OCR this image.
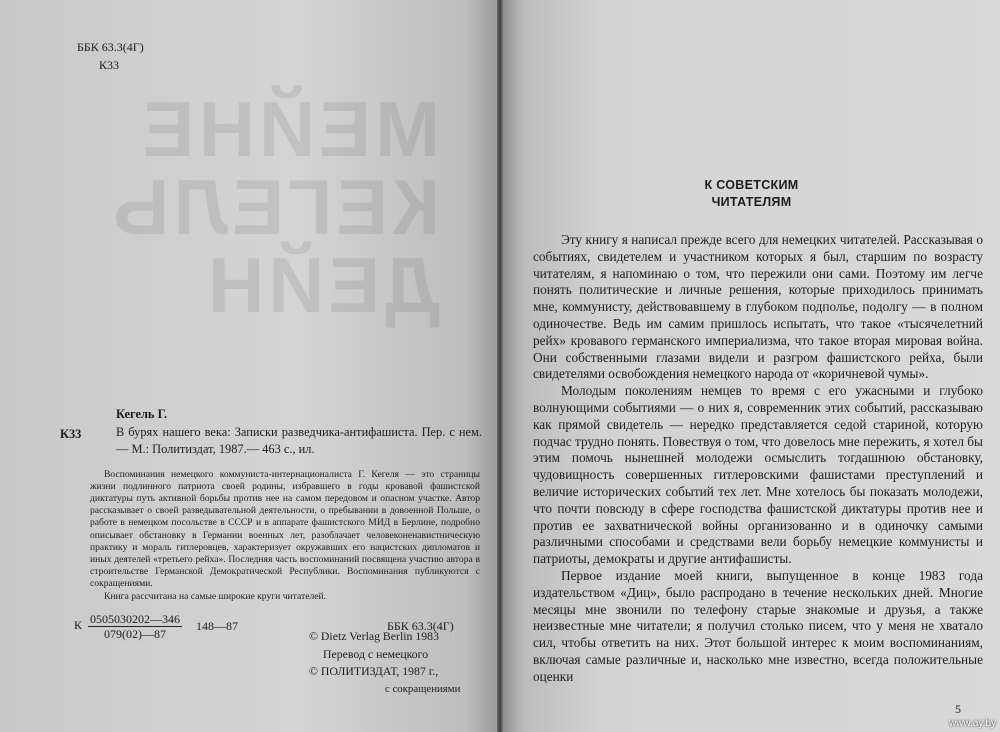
МЕЙНЕ
КЕГЕЛЬ
ДЕЙН
ББК 63.3(4Г)
К33
К33
Кегель Г.
В бурях нашего века: Записки разведчика-антифашиста. Пер. с нем.— М.: Политиздат, 1987.— 463 с., ил.

Воспоминания немецкого коммуниста-интернационалиста Г. Кегеля — это страницы жизни подлинного патриота своей родины, избравшего в годы кровавой фашистской диктатуры путь активной борьбы против нее на самом передовом и опасном участке. Автор рассказывает о своей разведывательной деятельности, о пребывании в довоенной Польше, о работе в немецком посольстве в СССР и в аппарате фашистского МИД в Берлине, подробно описывает обстановку в Германии военных лет, разоблачает человеконенавистническую практику и мораль гитлеровцев, характеризует окружавших его нацистских дипломатов и иных деятелей «третьего рейха». Последняя часть воспоминаний посвящена участию автора в строительстве Германской Демократической Республики. Воспоминания публикуются с сокращениями.

Книга рассчитана на самые широкие круги читателей.

К $\frac{0505030202—346}{079(02)—87}$ 148—87	ББК 63.3(4Г)
© Dietz Verlag Berlin 1983
Перевод с немецкого
© ПОЛИТИЗДАТ, 1987 г.,
с сокращениями
К СОВЕТСКИМ
ЧИТАТЕЛЯМ

Эту книгу я написал прежде всего для немецких читателей. Рассказывая о событиях, свидетелем и участником которых я был, старшим по возрасту читателям, я напоминаю о том, что пережили они сами. Поэтому им легче понять политические и личные решения, которые приходилось принимать мне, коммунисту, действовавшему в глубоком подполье, подолгу — в полном одиночестве. Ведь им самим пришлось испытать, что такое «тысячелетний рейх» кровавого германского империализма, что такое вторая мировая война. Они собственными глазами видели и разгром фашистского рейха, были свидетелями освобождения немецкого народа от «коричневой чумы».

Молодым поколениям немцев то время с его ужасными и глубоко волнующими событиями — о них я, современник этих событий, рассказываю как прямой свидетель — нередко представляется седой стариной, которую подчас трудно понять. Повествуя о том, что довелось мне пережить, я хотел бы этим помочь нынешней молодежи осмыслить тогдашнюю обстановку, чудовищность совершенных гитлеровскими фашистами преступлений и величие исторических событий тех лет. Мне хотелось бы показать молодежи, что почти повсюду в сфере господства фашистской диктатуры против нее и против ее захватнической войны организованно и в одиночку самыми различными способами и средствами вели борьбу немецкие коммунисты и патриоты, демократы и другие антифашисты.

Первое издание моей книги, выпущенное в конце 1983 года издательством «Диц», было распродано в течение нескольких дней. Многие месяцы мне звонили по телефону старые знакомые и друзья, а также неизвестные мне читатели; я получил столько писем, что у меня не хватало сил, чтобы ответить на них. Этот большой интерес к моим воспоминаниям, включая самые различные и, насколько мне известно, всегда положительные оценки

5
www.ay.by
